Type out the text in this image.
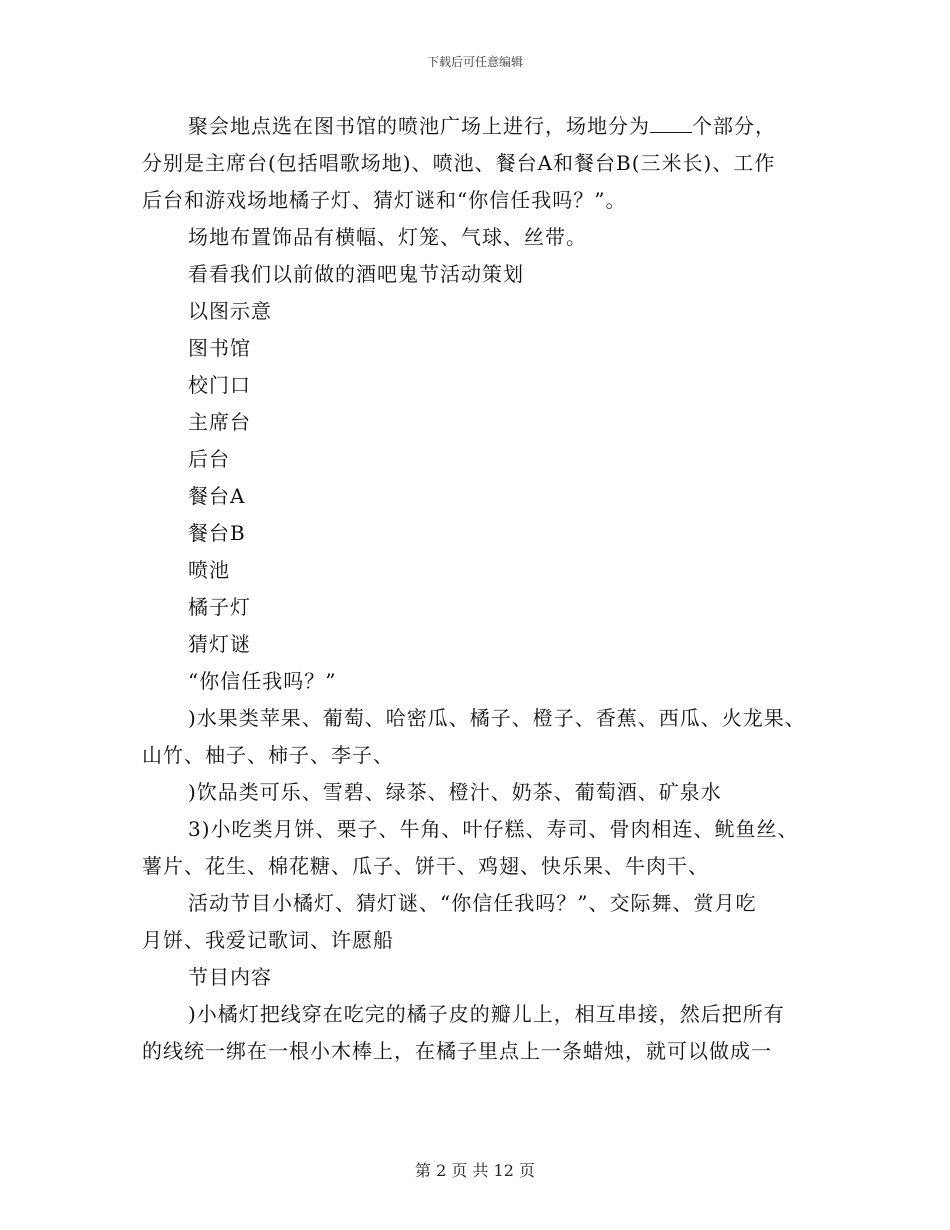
下载后可任意编辑
聚会地点选在图书馆的喷池广场上进行，场地分为 个部分，
分别是主席台(包括唱歌场地)、喷池、餐台A和餐台B(三米长)、工作
后台和游戏场地橘子灯、猜灯谜和“你信任我吗？”。
场地布置饰品有横幅、灯笼、气球、丝带。
看看我们以前做的酒吧鬼节活动策划
以图示意
图书馆
校门口
主席台
后台
餐台A
餐台B
喷池
橘子灯
猜灯谜
“你信任我吗？”
)水果类苹果、葡萄、哈密瓜、橘子、橙子、香蕉、西瓜、火龙果、
山竹、柚子、柿子、李子、
)饮品类可乐、雪碧、绿茶、橙汁、奶茶、葡萄酒、矿泉水
3)小吃类月饼、栗子、牛角、叶仔糕、寿司、骨肉相连、鱿鱼丝、
薯片、花生、棉花糖、瓜子、饼干、鸡翅、快乐果、牛肉干、
活动节目小橘灯、猜灯谜、“你信任我吗？”、交际舞、赏月吃
月饼、我爱记歌词、许愿船
节目内容
)小橘灯把线穿在吃完的橘子皮的瓣儿上，相互串接，然后把所有
的线统一绑在一根小木棒上，在橘子里点上一条蜡烛，就可以做成一
第 2 页 共 12 页
